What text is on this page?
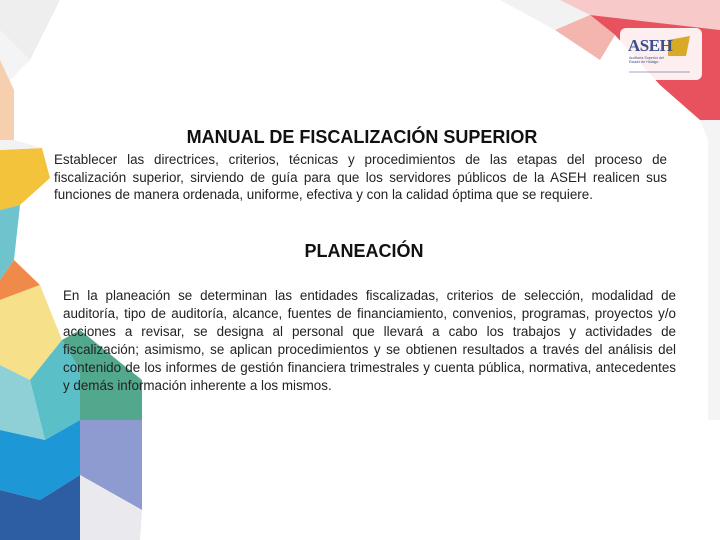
ASEH
Auditoría Superior del Estado de Hidalgo
MANUAL DE FISCALIZACIÓN SUPERIOR

Establecer las directrices, criterios, técnicas y procedimientos de las etapas del proceso de fiscalización superior, sirviendo de guía para que los servidores públicos de la ASEH realicen sus funciones de manera ordenada, uniforme, efectiva y con la calidad óptima que se requiere.

PLANEACIÓN

En la planeación se determinan las entidades fiscalizadas, criterios de selección, modalidad de auditoría, tipo de auditoría, alcance, fuentes de financiamiento, convenios, programas, proyectos y/o acciones a revisar, se designa al personal que llevará a cabo los trabajos y actividades de fiscalización; asimismo, se aplican procedimientos y se obtienen resultados a través del análisis del contenido de los informes de gestión financiera trimestrales y cuenta pública, normativa, antecedentes y demás información inherente a los mismos.
